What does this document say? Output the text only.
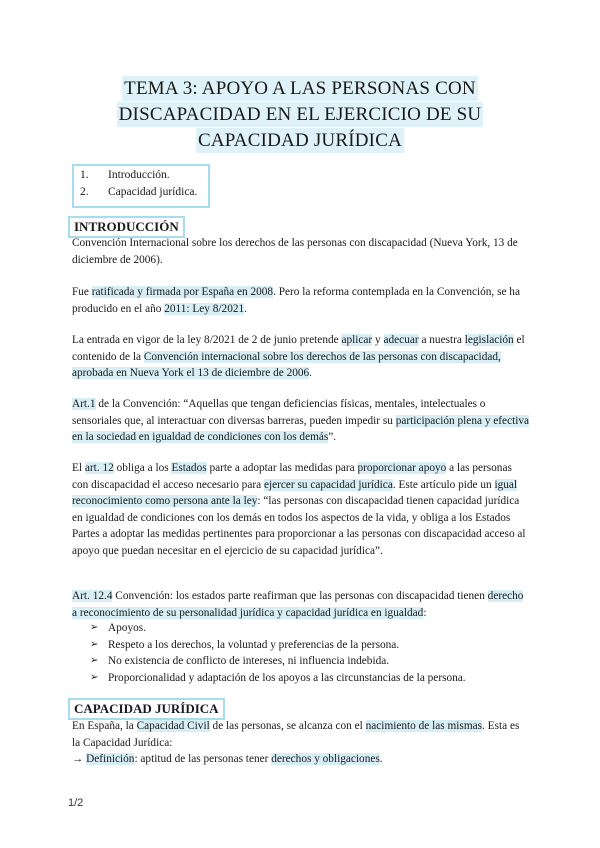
TEMA 3: APOYO A LAS PERSONAS CON
DISCAPACIDAD EN EL EJERCICIO DE SU
CAPACIDAD JURÍDICA
1.	Introducción.
2.	Capacidad jurídica.
INTRODUCCIÓN
Convención Internacional sobre los derechos de las personas con discapacidad (Nueva York, 13 de diciembre de 2006).
Fue ratificada y firmada por España en 2008. Pero la reforma contemplada en la Convención, se ha producido en el año 2011: Ley 8/2021.
La entrada en vigor de la ley 8/2021 de 2 de junio pretende aplicar y adecuar a nuestra legislación el contenido de la Convención internacional sobre los derechos de las personas con discapacidad, aprobada en Nueva York el 13 de diciembre de 2006.
Art.1 de la Convención: “Aquellas que tengan deficiencias físicas, mentales, intelectuales o sensoriales que, al interactuar con diversas barreras, pueden impedir su participación plena y efectiva en la sociedad en igualdad de condiciones con los demás”.
El art. 12 obliga a los Estados parte a adoptar las medidas para proporcionar apoyo a las personas con discapacidad el acceso necesario para ejercer su capacidad jurídica. Este artículo pide un igual reconocimiento como persona ante la ley: “las personas con discapacidad tienen capacidad jurídica en igualdad de condiciones con los demás en todos los aspectos de la vida, y obliga a los Estados Partes a adoptar las medidas pertinentes para proporcionar a las personas con discapacidad acceso al apoyo que puedan necesitar en el ejercicio de su capacidad jurídica”.
Art. 12.4 Convención: los estados parte reafirman que las personas con discapacidad tienen derecho a reconocimiento de su personalidad jurídica y capacidad jurídica en igualdad:
➢ Apoyos.
➢ Respeto a los derechos, la voluntad y preferencias de la persona.
➢ No existencia de conflicto de intereses, ni influencia indebida.
➢ Proporcionalidad y adaptación de los apoyos a las circunstancias de la persona.
CAPACIDAD JURÍDICA
En España, la Capacidad Civil de las personas, se alcanza con el nacimiento de las mismas. Esta es la Capacidad Jurídica:
→ Definición: aptitud de las personas tener derechos y obligaciones.
1/2
